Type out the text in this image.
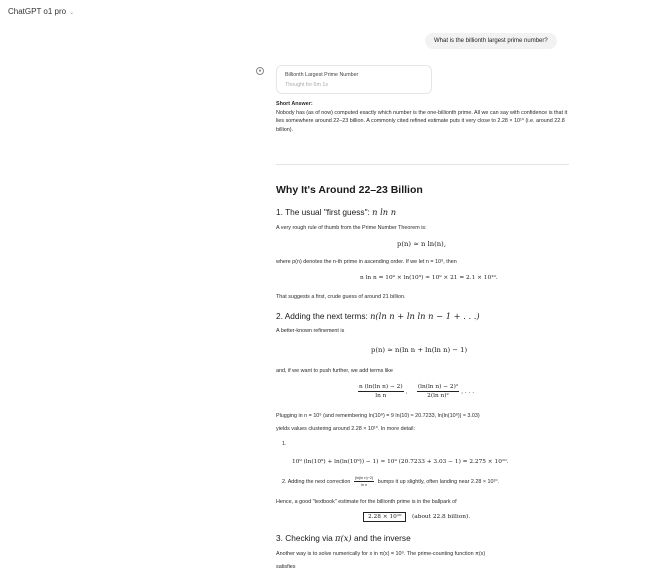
ChatGPT o1 pro ⌄
What is the billionth largest prime number?
●
Billionth Largest Prime Number
Thought for 6m 1s
Short Answer:
Nobody has (as of now) computed exactly which number is the one-billionth prime. All we can say with confidence is that it lies somewhere around 22–23 billion. A commonly cited refined estimate puts it very close to 2.28 × 10¹⁰ (i.e. around 22.8 billion).
Why It's Around 22–23 Billion
1. The usual "first guess": n ln n
A very rough rule of thumb from the Prime Number Theorem is:
p(n) ≈ n ln(n),
where p(n) denotes the n-th prime in ascending order. If we let n = 10⁹, then
n ln n = 10⁹ × ln(10⁹) ≈ 10⁹ × 21 = 2.1 × 10¹⁰.
That suggests a first, crude guess of around 21 billion.
2. Adding the next terms: n(ln n + ln ln n − 1 + . . .)
A better-known refinement is
p(n) ≈ n(ln n + ln(ln n) − 1)
and, if we want to push further, we add terms like
$\frac{\text{n (ln(ln n) − 2)}}{\text{ln n}}$ , $\frac{\text{(ln(ln n) − 2)²}}{\text{2(ln n)²}}$ , . . .
Plugging in n = 10⁹ (and remembering ln(10⁹) = 9 ln(10) ≈ 20.7233, ln(ln(10⁹)) ≈ 3.03)
yields values clustering around 2.28 × 10¹⁰. In more detail:
1.
10⁹ (ln(10⁹) + ln(ln(10⁹)) − 1) ≈ 10⁹ (20.7233 + 3.03 − 1) = 2.275 × 10¹⁰.
2. Adding the next correction $\frac{\text{(ln(ln n)−2)}}{\text{ln n}}$ bumps it up slightly, often landing near 2.28 × 10¹⁰.
Hence, a good "textbook" estimate for the billionth prime is in the ballpark of
2.28 × 10¹⁰ (about 22.8 billion).
3. Checking via π(x) and the inverse
Another way is to solve numerically for x in π(x) = 10⁹. The prime-counting function π(x)
satisfies
